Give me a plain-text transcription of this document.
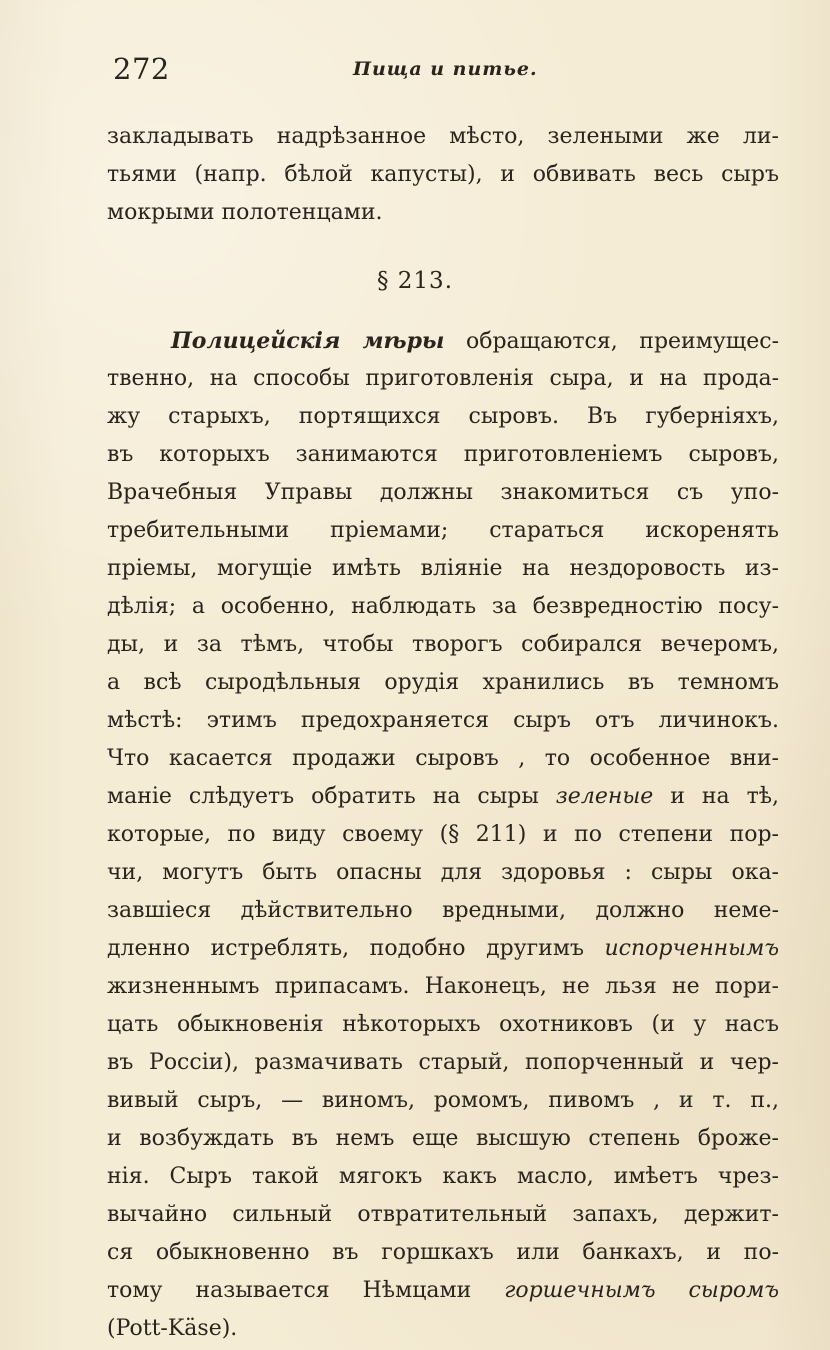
272	Пища и питье.
закладывать надрѣзанное мѣсто, зелеными же ли-
тьями (напр. бѣлой капусты), и обвивать весь сыръ
мокрыми полотенцами.
§ 213.
Полицейскія мѣры обращаются, преимущес-
твенно, на способы приготовленія сыра, и на прода-
жу старыхъ, портящихся сыровъ. Въ губерніяхъ,
въ которыхъ занимаются приготовленіемъ сыровъ,
Врачебныя Управы должны знакомиться съ упо-
требительными пріемами; стараться искоренять
пріемы, могущіе имѣть вліяніе на нездоровость из-
дѣлія; а особенно, наблюдать за безвредностію посу-
ды, и за тѣмъ, чтобы творогъ собирался вечеромъ,
а всѣ сыродѣльныя орудія хранились въ темномъ
мѣстѣ: этимъ предохраняется сыръ отъ личинокъ.
Что касается продажи сыровъ , то особенное вни-
маніе слѣдуетъ обратить на сыры зеленые и на тѣ,
которые, по виду своему (§ 211) и по степени пор-
чи, могутъ быть опасны для здоровья : сыры ока-
завшіеся дѣйствительно вредными, должно неме-
дленно истреблять, подобно другимъ испорченнымъ
жизненнымъ припасамъ. Наконецъ, не льзя не пори-
цать обыкновенія нѣкоторыхъ охотниковъ (и у насъ
въ Россіи), размачивать старый, попорченный и чер-
вивый сыръ, — виномъ, ромомъ, пивомъ , и т. п.,
и возбуждать въ немъ еще высшую степень броже-
нія. Сыръ такой мягокъ какъ масло, имѣетъ чрез-
вычайно сильный отвратительный запахъ, держит-
ся обыкновенно въ горшкахъ или банкахъ, и по-
тому называется Нѣмцами горшечнымъ сыромъ
(Pott-Käse).
